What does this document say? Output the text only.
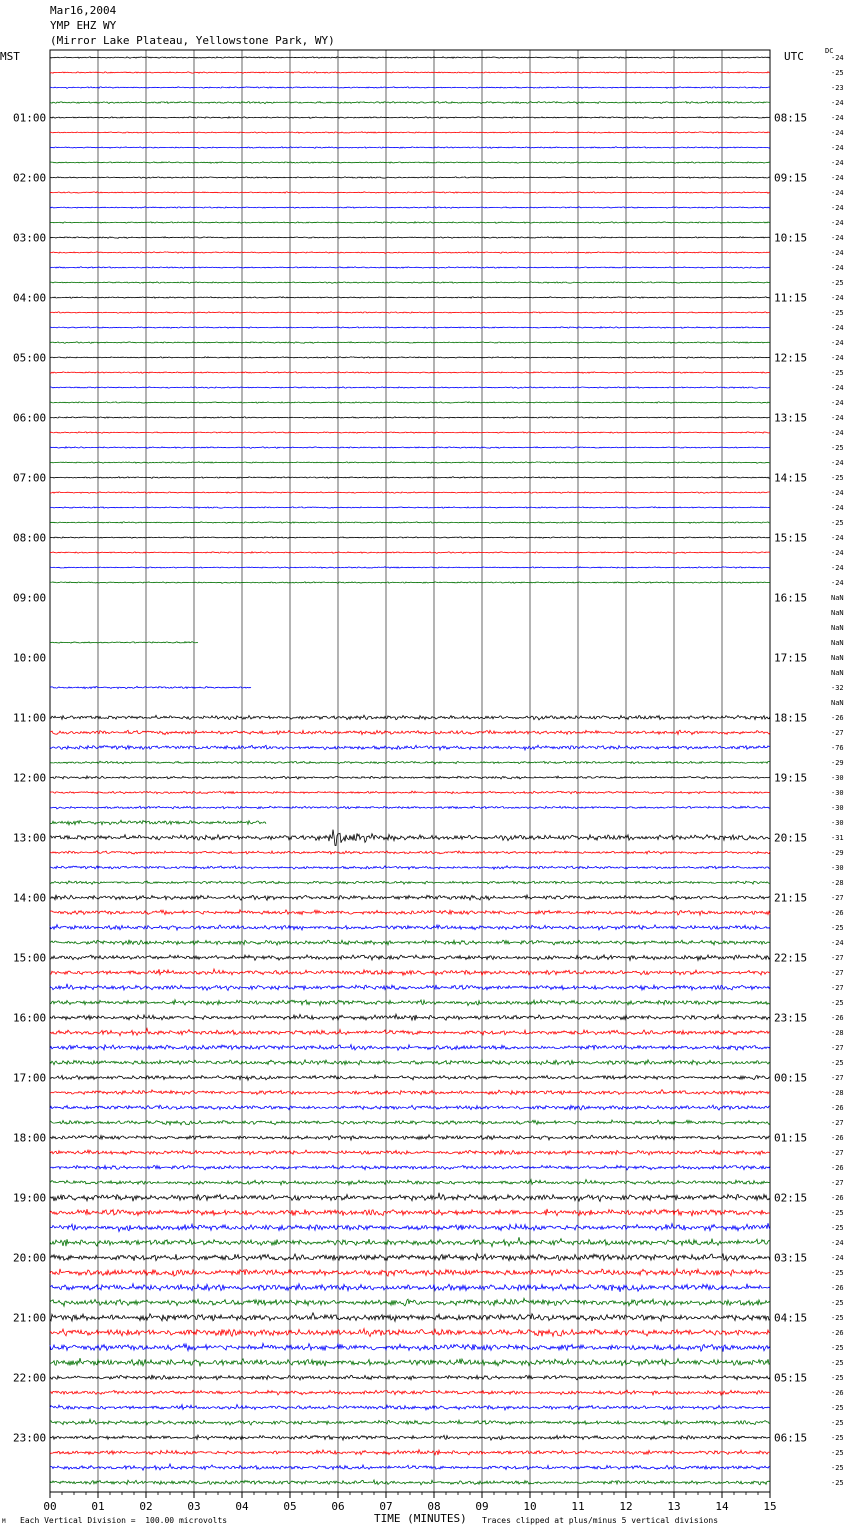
Mar16,2004
YMP EHZ WY
(Mirror Lake Plateau, Yellowstone Park, WY)
MST	UTC	DC
01:00
02:00
03:00
04:00
05:00
06:00
07:00
08:00
09:00
10:00
11:00
12:00
13:00
14:00
15:00
16:00
17:00
18:00
19:00
20:00
21:00
22:00
23:00
08:15
09:15
10:15
11:15
12:15
13:15
14:15
15:15
16:15
17:15
18:15
19:15
20:15
21:15
22:15
23:15
00:15
01:15
02:15
03:15
04:15
05:15
06:15
-24
-25
-23
-24
-24
-24
-24
-24
-24
-24
-24
-24
-24
-24
-24
-25
-24
-25
-24
-24
-24
-25
-24
-24
-24
-24
-25
-24
-25
-24
-24
-25
-24
-24
-24
-24
NaN
NaN
NaN
NaN
NaN
NaN
-32
NaN
-26
-27
-76
-29
-30
-30
-30
-30
-31
-29
-30
-28
-27
-26
-25
-24
-27
-27
-27
-25
-26
-28
-27
-25
-27
-28
-26
-27
-26
-27
-26
-27
-26
-25
-25
-24
-24
-25
-26
-25
-25
-26
-25
-25
-25
-26
-25
-25
-25
-25
-25
-25
00	01	02	03	04	05	06	07	08	09	10	11	12	13	14	15
TIME (MINUTES)
M Each Vertical Division =  100.00 microvolts	Traces clipped at plus/minus 5 vertical divisions
